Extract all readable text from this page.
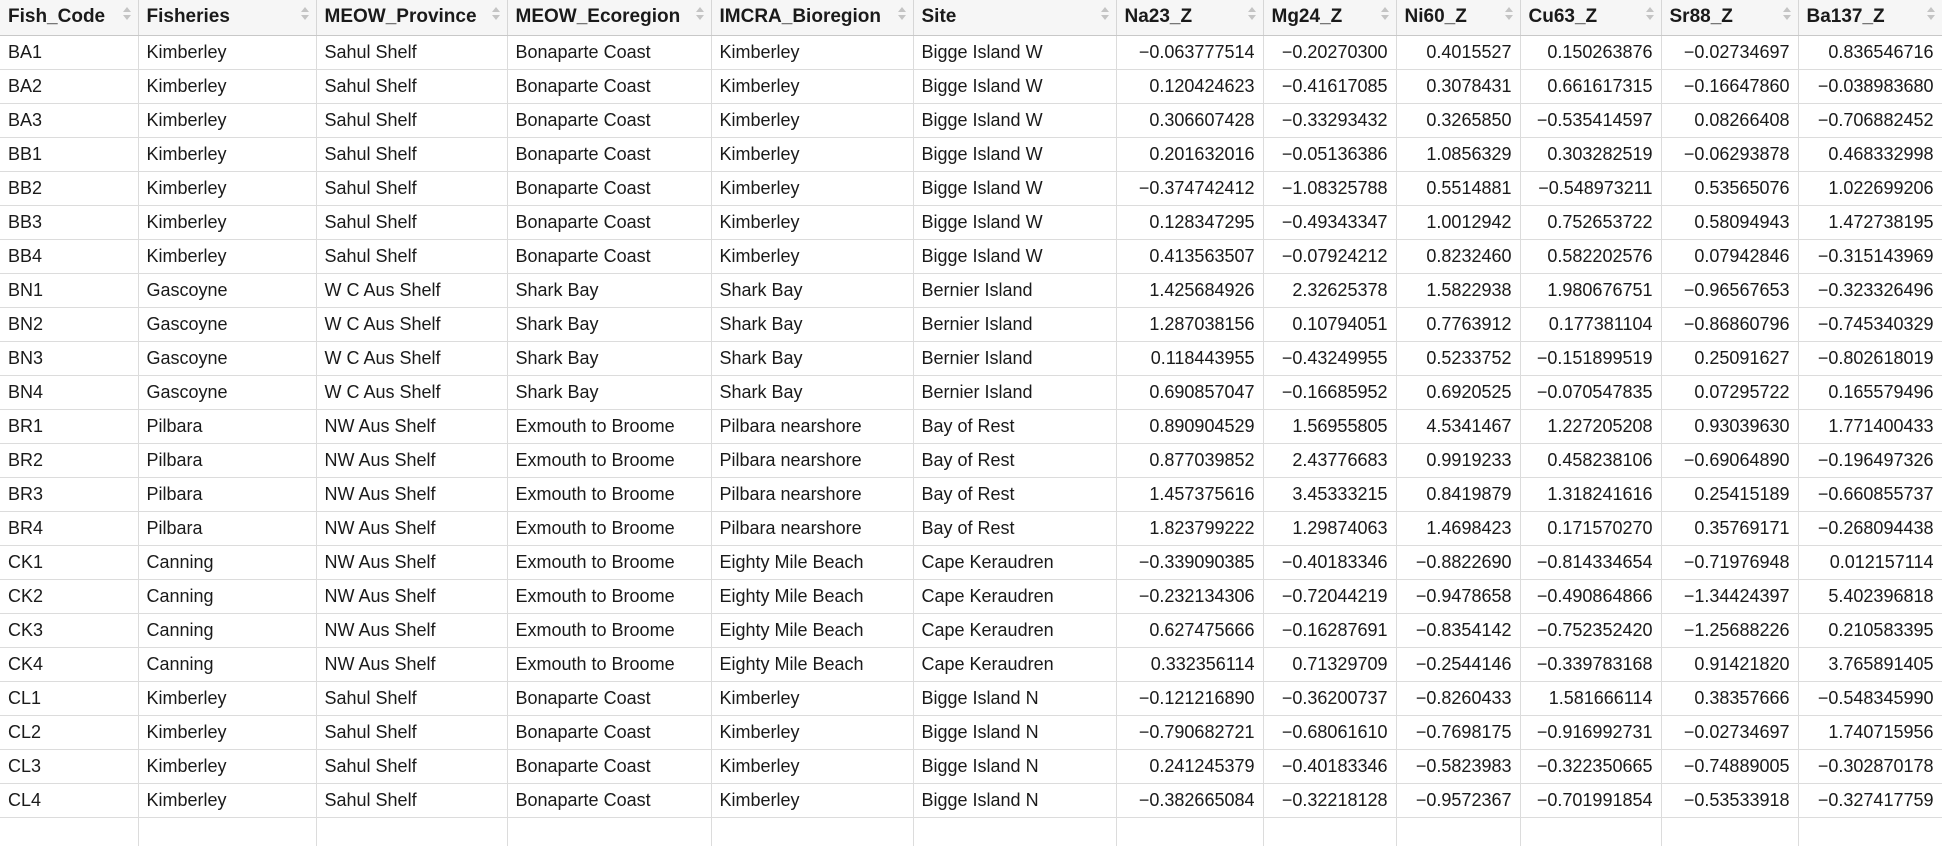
Fish_Code	Fisheries	MEOW_Province	MEOW_Ecoregion	IMCRA_Bioregion	Site	Na23_Z	Mg24_Z	Ni60_Z	Cu63_Z	Sr88_Z	Ba137_Z

BA1	Kimberley	Sahul Shelf	Bonaparte Coast	Kimberley	Bigge Island W	−0.063777514	−0.20270300	0.4015527	0.150263876	−0.02734697	0.836546716
BA2	Kimberley	Sahul Shelf	Bonaparte Coast	Kimberley	Bigge Island W	0.120424623	−0.41617085	0.3078431	0.661617315	−0.16647860	−0.038983680
BA3	Kimberley	Sahul Shelf	Bonaparte Coast	Kimberley	Bigge Island W	0.306607428	−0.33293432	0.3265850	−0.535414597	0.08266408	−0.706882452
BB1	Kimberley	Sahul Shelf	Bonaparte Coast	Kimberley	Bigge Island W	0.201632016	−0.05136386	1.0856329	0.303282519	−0.06293878	0.468332998
BB2	Kimberley	Sahul Shelf	Bonaparte Coast	Kimberley	Bigge Island W	−0.374742412	−1.08325788	0.5514881	−0.548973211	0.53565076	1.022699206
BB3	Kimberley	Sahul Shelf	Bonaparte Coast	Kimberley	Bigge Island W	0.128347295	−0.49343347	1.0012942	0.752653722	0.58094943	1.472738195
BB4	Kimberley	Sahul Shelf	Bonaparte Coast	Kimberley	Bigge Island W	0.413563507	−0.07924212	0.8232460	0.582202576	0.07942846	−0.315143969
BN1	Gascoyne	W C Aus Shelf	Shark Bay	Shark Bay	Bernier Island	1.425684926	2.32625378	1.5822938	1.980676751	−0.96567653	−0.323326496
BN2	Gascoyne	W C Aus Shelf	Shark Bay	Shark Bay	Bernier Island	1.287038156	0.10794051	0.7763912	0.177381104	−0.86860796	−0.745340329
BN3	Gascoyne	W C Aus Shelf	Shark Bay	Shark Bay	Bernier Island	0.118443955	−0.43249955	0.5233752	−0.151899519	0.25091627	−0.802618019
BN4	Gascoyne	W C Aus Shelf	Shark Bay	Shark Bay	Bernier Island	0.690857047	−0.16685952	0.6920525	−0.070547835	0.07295722	0.165579496
BR1	Pilbara	NW Aus Shelf	Exmouth to Broome	Pilbara nearshore	Bay of Rest	0.890904529	1.56955805	4.5341467	1.227205208	0.93039630	1.771400433
BR2	Pilbara	NW Aus Shelf	Exmouth to Broome	Pilbara nearshore	Bay of Rest	0.877039852	2.43776683	0.9919233	0.458238106	−0.69064890	−0.196497326
BR3	Pilbara	NW Aus Shelf	Exmouth to Broome	Pilbara nearshore	Bay of Rest	1.457375616	3.45333215	0.8419879	1.318241616	0.25415189	−0.660855737
BR4	Pilbara	NW Aus Shelf	Exmouth to Broome	Pilbara nearshore	Bay of Rest	1.823799222	1.29874063	1.4698423	0.171570270	0.35769171	−0.268094438
CK1	Canning	NW Aus Shelf	Exmouth to Broome	Eighty Mile Beach	Cape Keraudren	−0.339090385	−0.40183346	−0.8822690	−0.814334654	−0.71976948	0.012157114
CK2	Canning	NW Aus Shelf	Exmouth to Broome	Eighty Mile Beach	Cape Keraudren	−0.232134306	−0.72044219	−0.9478658	−0.490864866	−1.34424397	5.402396818
CK3	Canning	NW Aus Shelf	Exmouth to Broome	Eighty Mile Beach	Cape Keraudren	0.627475666	−0.16287691	−0.8354142	−0.752352420	−1.25688226	0.210583395
CK4	Canning	NW Aus Shelf	Exmouth to Broome	Eighty Mile Beach	Cape Keraudren	0.332356114	0.71329709	−0.2544146	−0.339783168	0.91421820	3.765891405
CL1	Kimberley	Sahul Shelf	Bonaparte Coast	Kimberley	Bigge Island N	−0.121216890	−0.36200737	−0.8260433	1.581666114	0.38357666	−0.548345990
CL2	Kimberley	Sahul Shelf	Bonaparte Coast	Kimberley	Bigge Island N	−0.790682721	−0.68061610	−0.7698175	−0.916992731	−0.02734697	1.740715956
CL3	Kimberley	Sahul Shelf	Bonaparte Coast	Kimberley	Bigge Island N	0.241245379	−0.40183346	−0.5823983	−0.322350665	−0.74889005	−0.302870178
CL4	Kimberley	Sahul Shelf	Bonaparte Coast	Kimberley	Bigge Island N	−0.382665084	−0.32218128	−0.9572367	−0.701991854	−0.53533918	−0.327417759
